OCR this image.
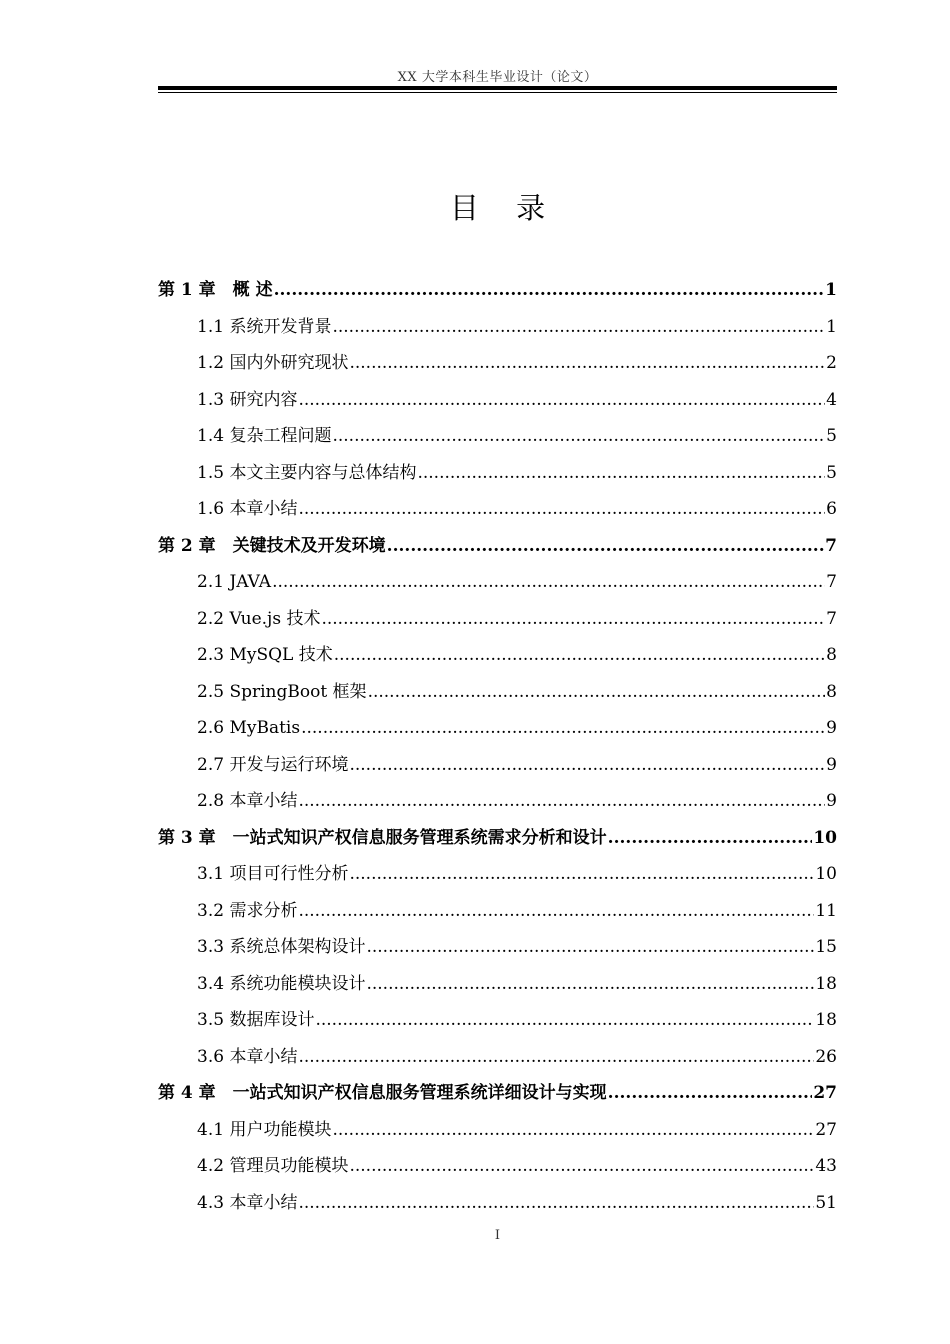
XX 大学本科生毕业设计（论文）
目 录
第 1 章　概 述 .....	1
1.1 系统开发背景 .....	1
1.2 国内外研究现状 .....	2
1.3 研究内容 .....	4
1.4 复杂工程问题 .....	5
1.5 本文主要内容与总体结构 .....	5
1.6 本章小结 .....	6
第 2 章　关键技术及开发环境 .....	7
2.1 JAVA .....	7
2.2 Vue.js 技术 .....	7
2.3 MySQL 技术 .....	8
2.5 SpringBoot 框架 .....	8
2.6 MyBatis .....	9
2.7 开发与运行环境 .....	9
2.8 本章小结 .....	9
第 3 章　一站式知识产权信息服务管理系统需求分析和设计 .....	10
3.1 项目可行性分析 .....	10
3.2 需求分析 .....	11
3.3 系统总体架构设计 .....	15
3.4 系统功能模块设计 .....	18
3.5 数据库设计 .....	18
3.6 本章小结 .....	26
第 4 章　一站式知识产权信息服务管理系统详细设计与实现 .....	27
4.1 用户功能模块 .....	27
4.2 管理员功能模块 .....	43
4.3 本章小结 .....	51
I
